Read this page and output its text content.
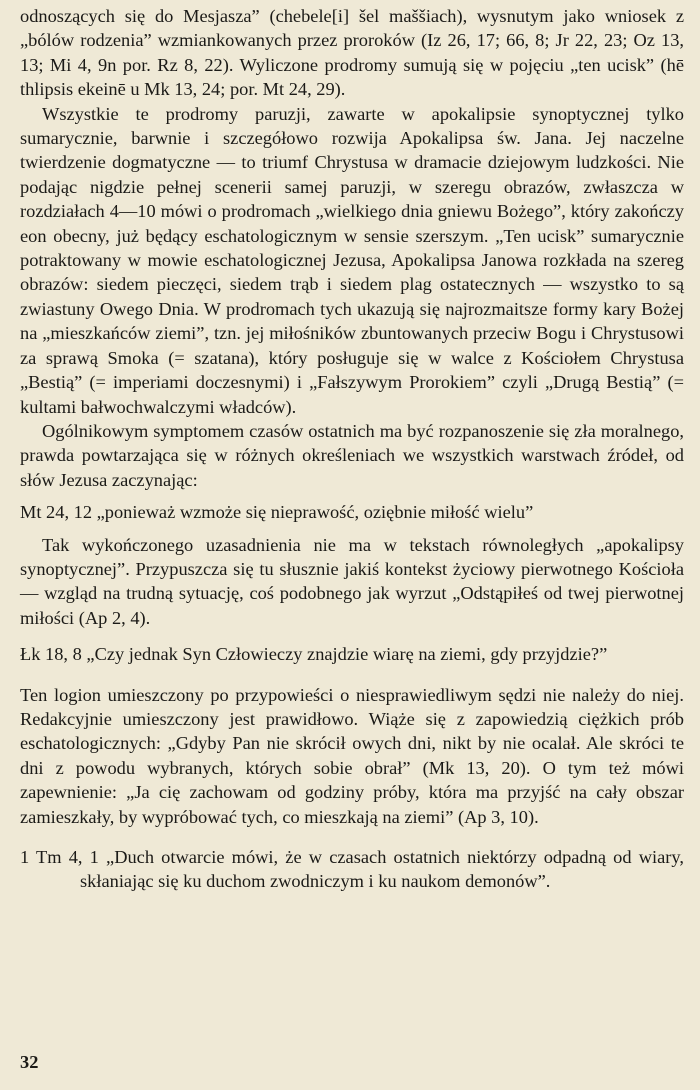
odnoszących się do Mesjasza” (chebele[i] šel maššiach), wysnutym jako wniosek z „bólów rodzenia” wzmiankowanych przez proroków (Iz 26, 17; 66, 8; Jr 22, 23; Oz 13, 13; Mi 4, 9n por. Rz 8, 22). Wyliczone prodromy sumują się w pojęciu „ten ucisk” (hē thlipsis ekeinē u Mk 13, 24; por. Mt 24, 29).

Wszystkie te prodromy paruzji, zawarte w apokalipsie synoptycznej tylko sumarycznie, barwnie i szczegółowo rozwija Apokalipsa św. Jana. Jej naczelne twierdzenie dogmatyczne — to triumf Chrystusa w dramacie dziejowym ludzkości. Nie podając nigdzie pełnej scenerii samej paruzji, w szeregu obrazów, zwłaszcza w rozdziałach 4—10 mówi o prodromach „wielkiego dnia gniewu Bożego”, który zakończy eon obecny, już będący eschatologicznym w sensie szerszym. „Ten ucisk” sumarycznie potraktowany w mowie eschatologicznej Jezusa, Apokalipsa Janowa rozkłada na szereg obrazów: siedem pieczęci, siedem trąb i siedem plag ostatecznych — wszystko to są zwiastuny Owego Dnia. W prodromach tych ukazują się najrozmaitsze formy kary Bożej na „mieszkańców ziemi”, tzn. jej miłośników zbuntowanych przeciw Bogu i Chrystusowi za sprawą Smoka (= szatana), który posługuje się w walce z Kościołem Chrystusa „Bestią” (= imperiami doczesnymi) i „Fałszywym Prorokiem” czyli „Drugą Bestią” (= kultami bałwochwalczymi władców).

Ogólnikowym symptomem czasów ostatnich ma być rozpanoszenie się zła moralnego, prawda powtarzająca się w różnych określeniach we wszystkich warstwach źródeł, od słów Jezusa zaczynając:

Mt 24, 12 „ponieważ wzmoże się nieprawość, oziębnie miłość wielu”

Tak wykończonego uzasadnienia nie ma w tekstach równoległych „apokalipsy synoptycznej”. Przypuszcza się tu słusznie jakiś kontekst życiowy pierwotnego Kościoła — wzgląd na trudną sytuację, coś podobnego jak wyrzut „Odstąpiłeś od twej pierwotnej miłości (Ap 2, 4).

Łk 18, 8 „Czy jednak Syn Człowieczy znajdzie wiarę na ziemi, gdy przyjdzie?”

Ten logion umieszczony po przypowieści o niesprawiedliwym sędzi nie należy do niej. Redakcyjnie umieszczony jest prawidłowo. Wiąże się z zapowiedzią ciężkich prób eschatologicznych: „Gdyby Pan nie skrócił owych dni, nikt by nie ocalał. Ale skróci te dni z powodu wybranych, których sobie obrał” (Mk 13, 20). O tym też mówi zapewnienie: „Ja cię zachowam od godziny próby, która ma przyjść na cały obszar zamieszkały, by wypróbować tych, co mieszkają na ziemi” (Ap 3, 10).

1 Tm 4, 1 „Duch otwarcie mówi, że w czasach ostatnich niektórzy odpadną od wiary, skłaniając się ku duchom zwodniczym i ku naukom demonów”.

32
